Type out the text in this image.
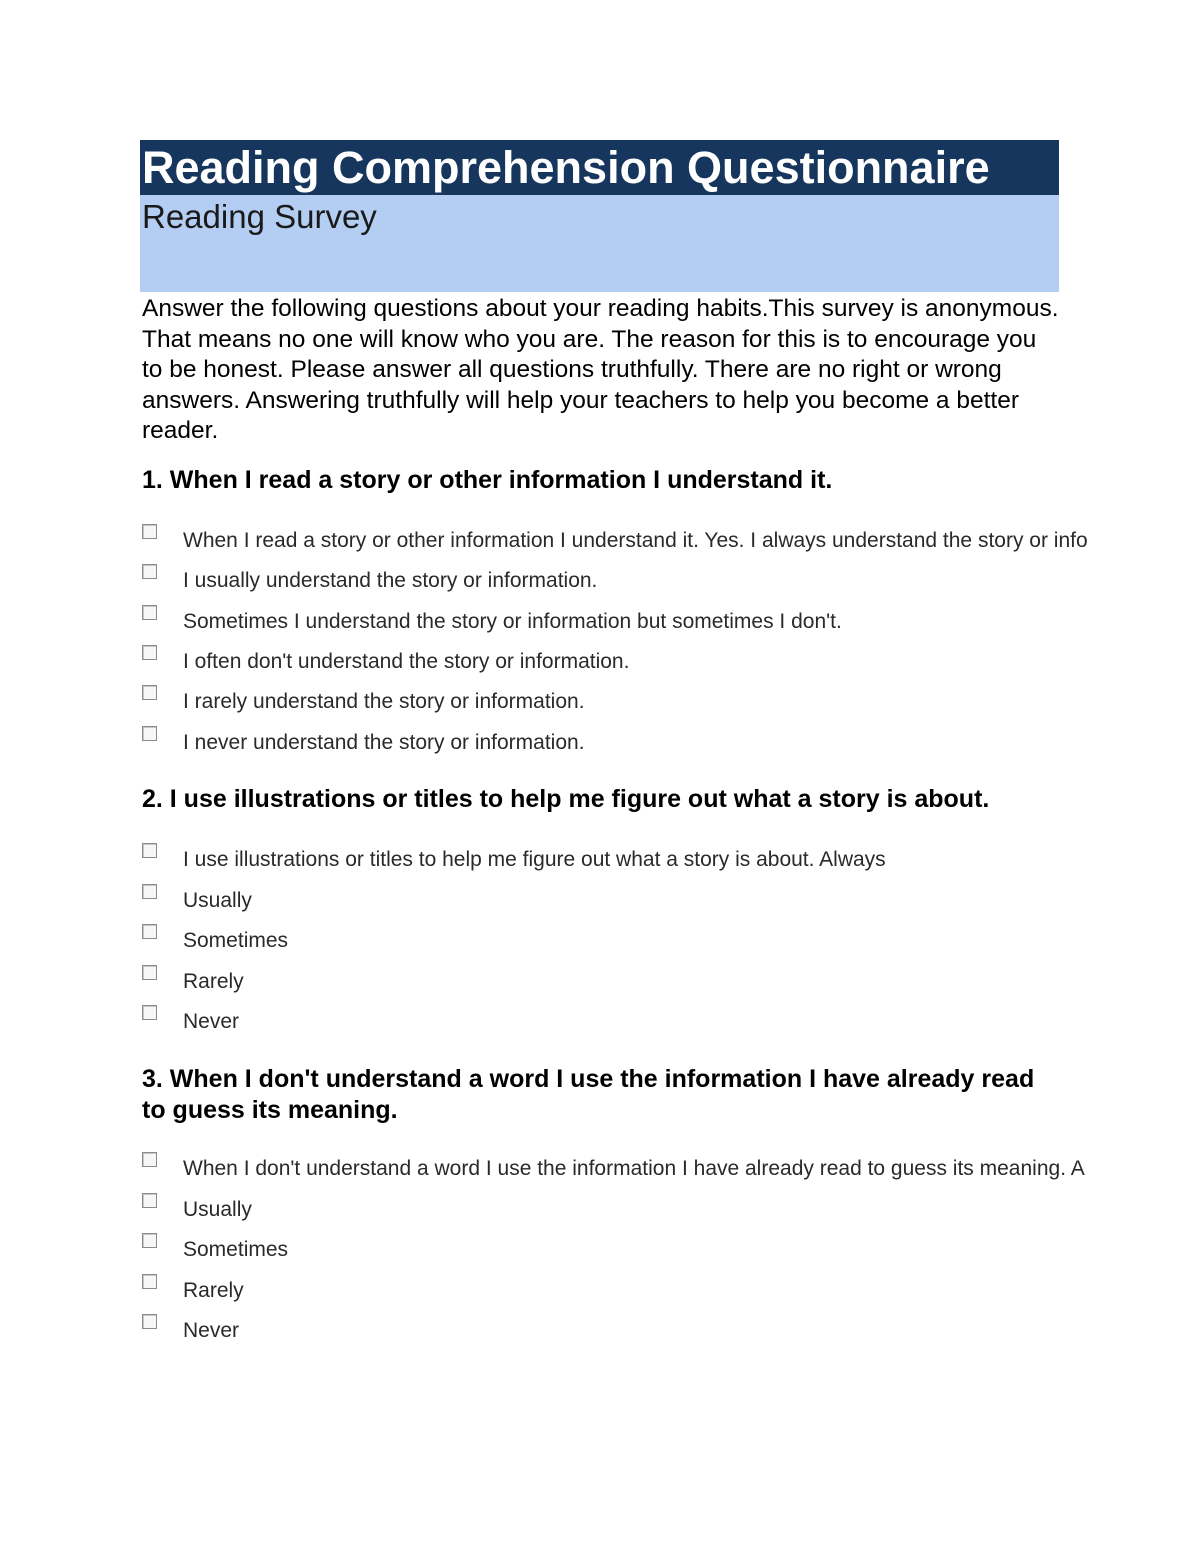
Reading Comprehension Questionnaire
Reading Survey
Answer the following questions about your reading habits.This survey is anonymous. That means no one will know who you are. The reason for this is to encourage you to be honest. Please answer all questions truthfully. There are no right or wrong answers. Answering truthfully will help your teachers to help you become a better reader.
1. When I read a story or other information I understand it.
When I read a story or other information I understand it. Yes. I always understand the story or info
I usually understand the story or information.
Sometimes I understand the story or information but sometimes I don't.
I often don't understand the story or information.
I rarely understand the story or information.
I never understand the story or information.
2. I use illustrations or titles to help me figure out what a story is about.
I use illustrations or titles to help me figure out what a story is about. Always
Usually
Sometimes
Rarely
Never
3. When I don't understand a word I use the information I have already read to guess its meaning.
When I don't understand a word I use the information I have already read to guess its meaning. A
Usually
Sometimes
Rarely
Never
